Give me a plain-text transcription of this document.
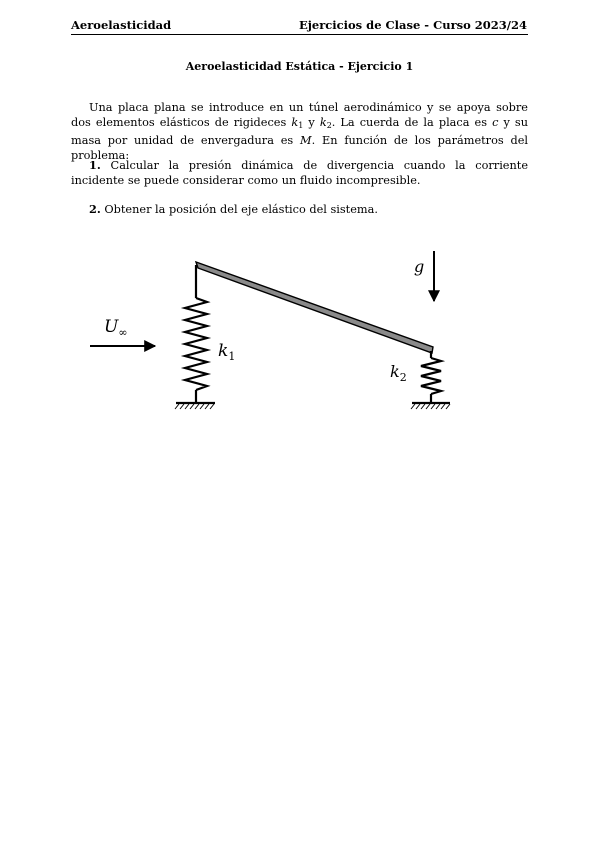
Aeroelasticidad	Ejercicios de Clase - Curso 2023/24
Aeroelasticidad Estática - Ejercicio 1
Una placa plana se introduce en un túnel aerodinámico y se apoya sobre dos elementos elásticos de rigideces $k_1$ y $k_2$. La cuerda de la placa es c y su masa por unidad de envergadura es M. En función de los parámetros del problema:
1. Calcular la presión dinámica de divergencia cuando la corriente incidente se puede considerar como un fluido incompresible.
2. Obtener la posición del eje elástico del sistema.
$U_\infty$
g
$k_1$
$k_2$
